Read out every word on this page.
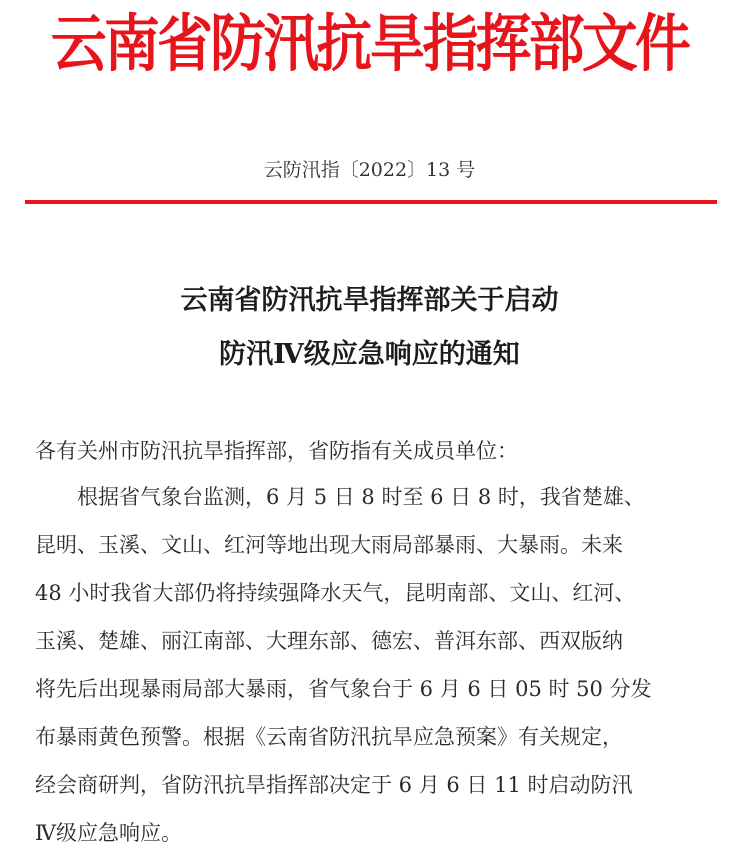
云南省防汛抗旱指挥部文件
云防汛指〔2022〕13 号
云南省防汛抗旱指挥部关于启动
防汛Ⅳ级应急响应的通知
各有关州市防汛抗旱指挥部，省防指有关成员单位：
　　根据省气象台监测，6 月 5 日 8 时至 6 日 8 时，我省楚雄、
昆明、玉溪、文山、红河等地出现大雨局部暴雨、大暴雨。未来
48 小时我省大部仍将持续强降水天气，昆明南部、文山、红河、
玉溪、楚雄、丽江南部、大理东部、德宏、普洱东部、西双版纳
将先后出现暴雨局部大暴雨，省气象台于 6 月 6 日 05 时 50 分发
布暴雨黄色预警。根据《云南省防汛抗旱应急预案》有关规定，
经会商研判，省防汛抗旱指挥部决定于 6 月 6 日 11 时启动防汛
Ⅳ级应急响应。
